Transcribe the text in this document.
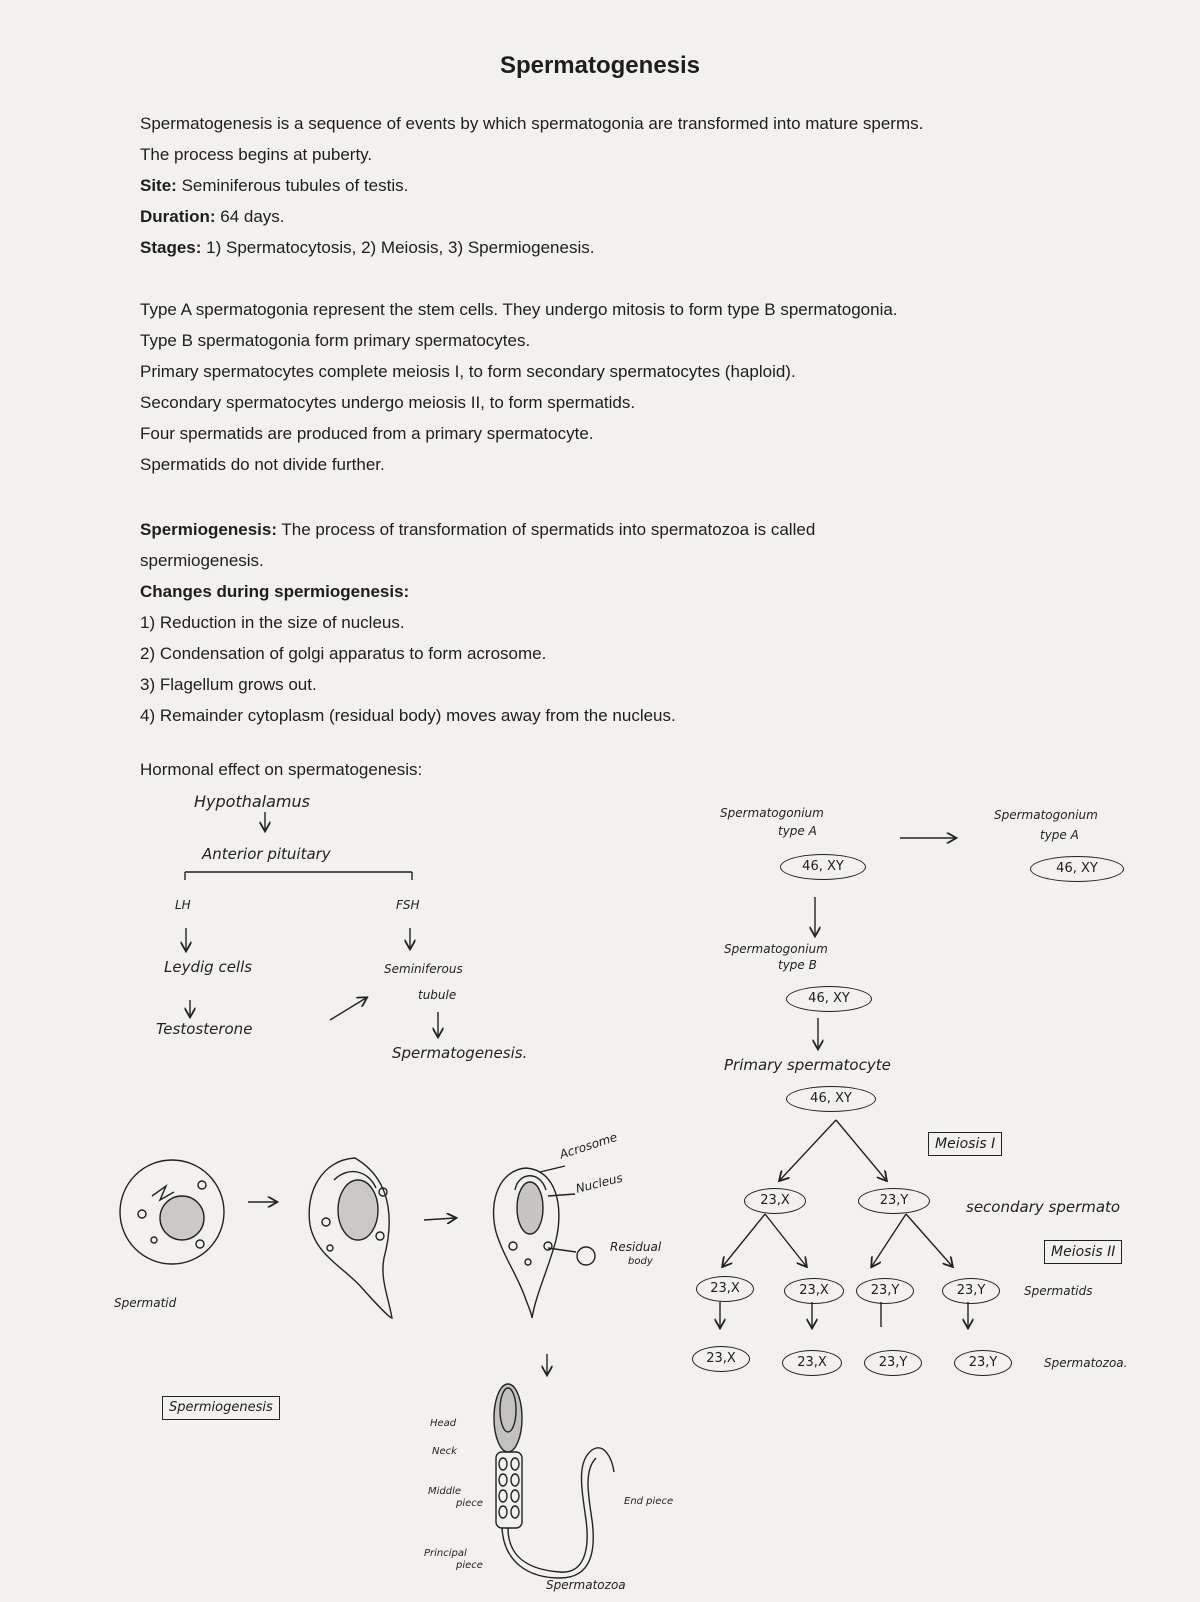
Spermatogenesis

Spermatogenesis is a sequence of events by which spermatogonia are transformed into mature sperms.

The process begins at puberty.

Site: Seminiferous tubules of testis.

Duration: 64 days.

Stages: 1) Spermatocytosis, 2) Meiosis, 3) Spermiogenesis.

Type A spermatogonia represent the stem cells. They undergo mitosis to form type B spermatogonia.

Type B spermatogonia form primary spermatocytes.

Primary spermatocytes complete meiosis I, to form secondary spermatocytes (haploid).

Secondary spermatocytes undergo meiosis II, to form spermatids.

Four spermatids are produced from a primary spermatocyte.

Spermatids do not divide further.

Spermiogenesis: The process of transformation of spermatids into spermatozoa is called

spermiogenesis.

Changes during spermiogenesis:

1) Reduction in the size of nucleus.

2) Condensation of golgi apparatus to form acrosome.

3) Flagellum grows out.

4) Remainder cytoplasm (residual body) moves away from the nucleus.

Hormonal effect on spermatogenesis:
Hypothalamus
Anterior pituitary
LH	FSH
Leydig cells	Seminiferous
tubule
Testosterone
Spermatogenesis.
Spermatogonium
type A
46, XY
Spermatogonium
type A
46, XY
Spermatogonium
type B
46, XY
Primary spermatocyte
46, XY
Meiosis I
23,X	23,Y	secondary spermato
Meiosis II
23,X	23,X	23,Y	23,Y	Spermatids
23,X	23,X	23,Y	23,Y	Spermatozoa.
Spermatid
Acrosome
Nucleus
Residual
body
Spermiogenesis
Head
Neck
Middle
piece
Principal
piece
End piece
Spermatozoa
